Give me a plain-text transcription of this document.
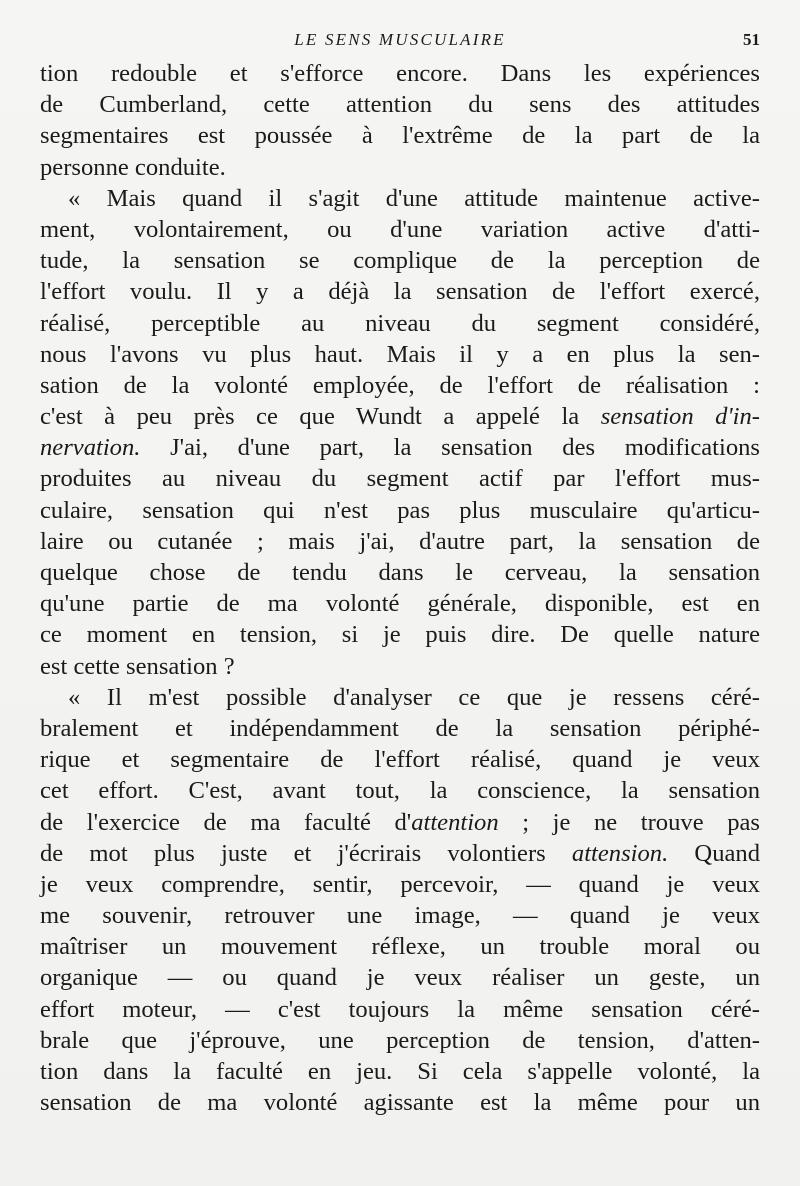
LE SENS MUSCULAIRE	51
tion redouble et s'efforce encore. Dans les expériences
de Cumberland, cette attention du sens des attitudes
segmentaires est poussée à l'extrême de la part de la
personne conduite.
« Mais quand il s'agit d'une attitude maintenue active-
ment, volontairement, ou d'une variation active d'atti-
tude, la sensation se complique de la perception de
l'effort voulu. Il y a déjà la sensation de l'effort exercé,
réalisé, perceptible au niveau du segment considéré,
nous l'avons vu plus haut. Mais il y a en plus la sen-
sation de la volonté employée, de l'effort de réalisation :
c'est à peu près ce que Wundt a appelé la sensation d'in-
nervation. J'ai, d'une part, la sensation des modifications
produites au niveau du segment actif par l'effort mus-
culaire, sensation qui n'est pas plus musculaire qu'articu-
laire ou cutanée ; mais j'ai, d'autre part, la sensation de
quelque chose de tendu dans le cerveau, la sensation
qu'une partie de ma volonté générale, disponible, est en
ce moment en tension, si je puis dire. De quelle nature
est cette sensation ?
« Il m'est possible d'analyser ce que je ressens céré-
bralement et indépendamment de la sensation périphé-
rique et segmentaire de l'effort réalisé, quand je veux
cet effort. C'est, avant tout, la conscience, la sensation
de l'exercice de ma faculté d'attention ; je ne trouve pas
de mot plus juste et j'écrirais volontiers attension. Quand
je veux comprendre, sentir, percevoir, — quand je veux
me souvenir, retrouver une image, — quand je veux
maîtriser un mouvement réflexe, un trouble moral ou
organique — ou quand je veux réaliser un geste, un
effort moteur, — c'est toujours la même sensation céré-
brale que j'éprouve, une perception de tension, d'atten-
tion dans la faculté en jeu. Si cela s'appelle volonté, la
sensation de ma volonté agissante est la même pour un
